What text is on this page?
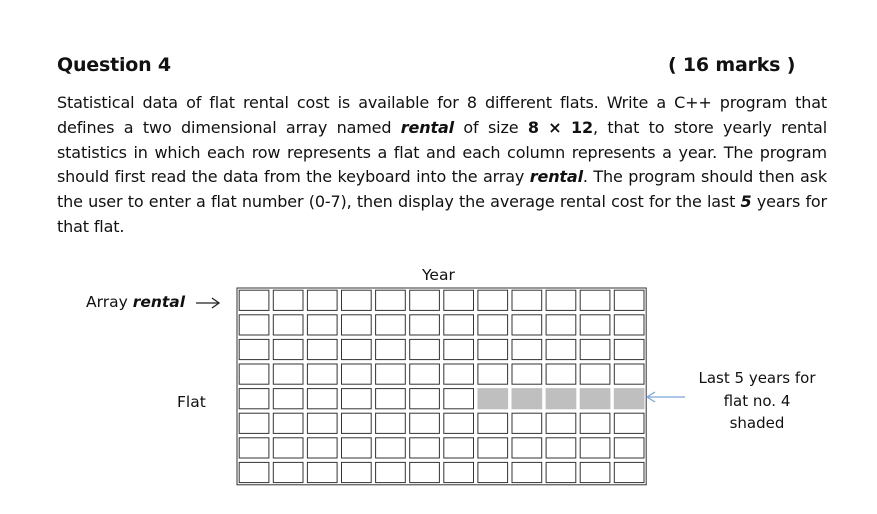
Question 4	( 16 marks )
Statistical data of flat rental cost is available for 8 different flats. Write a C++ program that defines a two dimensional array named rental of size 8 × 12, that to store yearly rental statistics in which each row represents a flat and each column represents a year. The program should first read the data from the keyboard into the array rental. The program should then ask the user to enter a flat number (0-7), then display the average rental cost for the last 5 years for that flat.
Year
Array rental
Flat
Last 5 years for
flat no. 4
shaded
